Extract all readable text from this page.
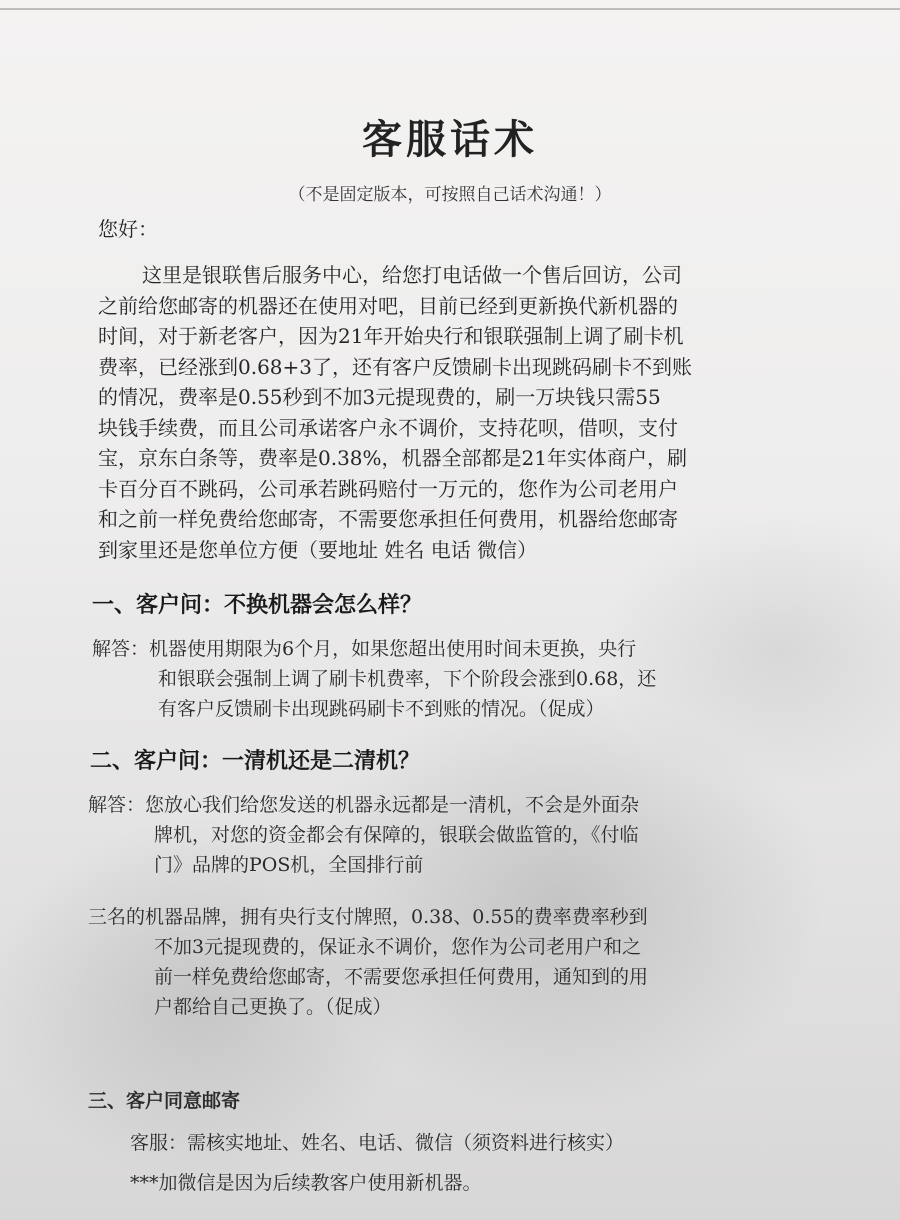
客服话术
（不是固定版本，可按照自己话术沟通！）
您好：
这里是银联售后服务中心，给您打电话做一个售后回访，公司
之前给您邮寄的机器还在使用对吧，目前已经到更新换代新机器的
时间，对于新老客户，因为21年开始央行和银联强制上调了刷卡机
费率，已经涨到0.68+3了，还有客户反馈刷卡出现跳码刷卡不到账
的情况，费率是0.55秒到不加3元提现费的，刷一万块钱只需55
块钱手续费，而且公司承诺客户永不调价，支持花呗，借呗，支付
宝，京东白条等，费率是0.38%，机器全部都是21年实体商户，刷
卡百分百不跳码，公司承若跳码赔付一万元的，您作为公司老用户
和之前一样免费给您邮寄，不需要您承担任何费用，机器给您邮寄
到家里还是您单位方便（要地址 姓名 电话 微信）
一、客户问：不换机器会怎么样？
解答：机器使用期限为6个月，如果您超出使用时间未更换，央行
和银联会强制上调了刷卡机费率，下个阶段会涨到0.68，还
有客户反馈刷卡出现跳码刷卡不到账的情况。（促成）
二、客户问：一清机还是二清机？
解答：您放心我们给您发送的机器永远都是一清机，不会是外面杂
牌机，对您的资金都会有保障的，银联会做监管的，《付临
门》品牌的POS机，全国排行前
三名的机器品牌，拥有央行支付牌照，0.38、0.55的费率费率秒到
不加3元提现费的，保证永不调价，您作为公司老用户和之
前一样免费给您邮寄，不需要您承担任何费用，通知到的用
户都给自己更换了。（促成）
三、客户同意邮寄
客服：需核实地址、姓名、电话、微信（须资料进行核实）
***加微信是因为后续教客户使用新机器。
